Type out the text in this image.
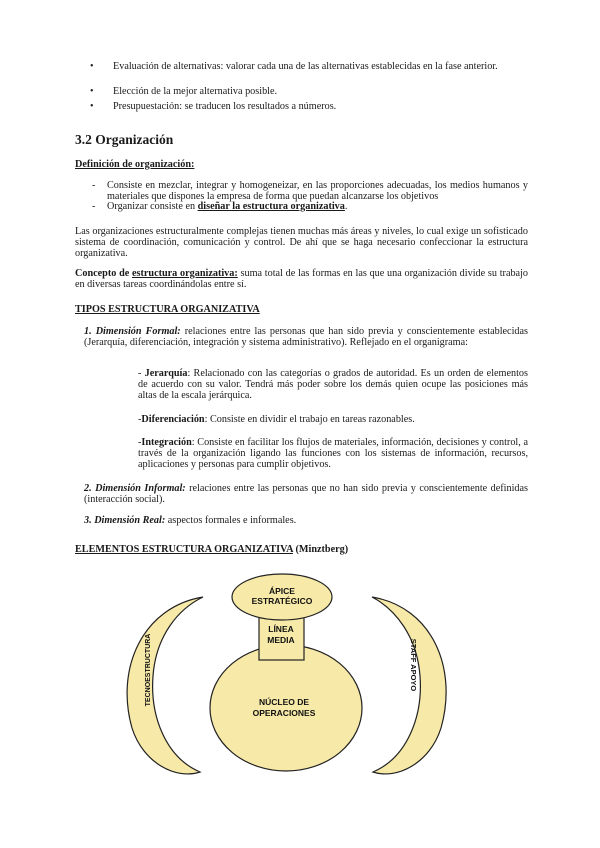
• Evaluación de alternativas: valorar cada una de las alternativas establecidas en la fase anterior.
• Elección de la mejor alternativa posible.
• Presupuestación: se traducen los resultados a números.
3.2 Organización
Definición de organización:
- Consiste en mezclar, integrar y homogeneizar, en las proporciones adecuadas, los medios humanos y materiales que dispones la empresa de forma que puedan alcanzarse los objetivos
- Organizar consiste en diseñar la estructura organizativa.
Las organizaciones estructuralmente complejas tienen muchas más áreas y niveles, lo cual exige un sofisticado sistema de coordinación, comunicación y control. De ahí que se haga necesario confeccionar la estructura organizativa.
Concepto de estructura organizativa: suma total de las formas en las que una organización divide su trabajo en diversas tareas coordinándolas entre sí.
TIPOS ESTRUCTURA ORGANIZATIVA
1. Dimensión Formal: relaciones entre las personas que han sido previa y conscientemente establecidas (Jerarquía, diferenciación, integración y sistema administrativo). Reflejado en el organigrama:
- Jerarquía: Relacionado con las categorías o grados de autoridad. Es un orden de elementos de acuerdo con su valor. Tendrá más poder sobre los demás quien ocupe las posiciones más altas de la escala jerárquica.
-Diferenciación: Consiste en dividir el trabajo en tareas razonables.
-Integración: Consiste en facilitar los flujos de materiales, información, decisiones y control, a través de la organización ligando las funciones con los sistemas de información, recursos, aplicaciones y personas para cumplir objetivos.
2. Dimensión Informal: relaciones entre las personas que no han sido previa y conscientemente definidas (interacción social).
3. Dimensión Real: aspectos formales e informales.
ELEMENTOS ESTRUCTURA ORGANIZATIVA (Minztberg)
ÁPICE
ESTRATÉGICO
LÍNEA
MEDIA
NÚCLEO DE
OPERACIONES
TECNOESTRUCTURA	STAFF APOYO
